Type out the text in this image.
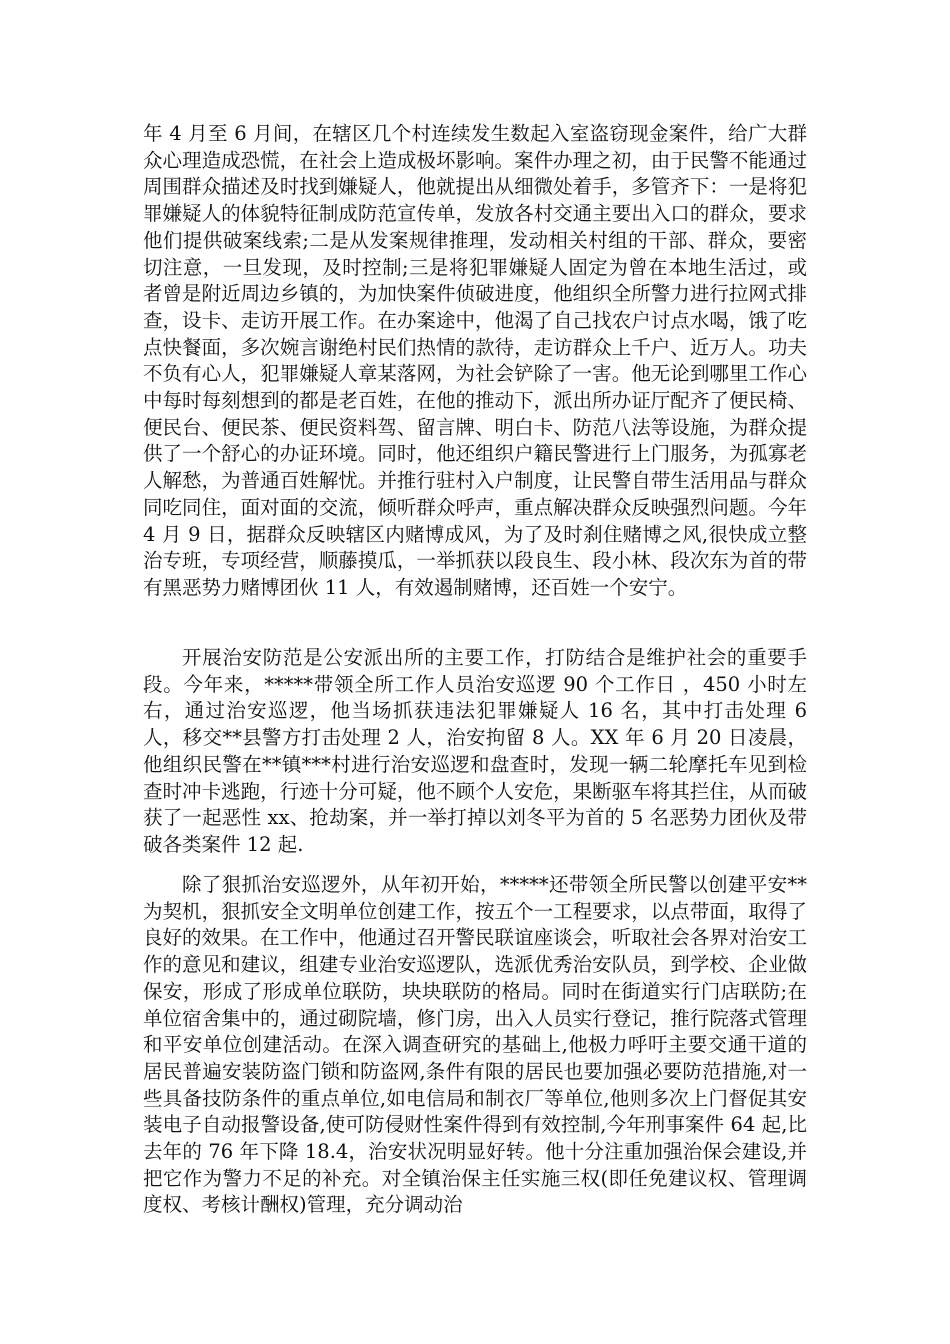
年 4 月至 6 月间，在辖区几个村连续发生数起入室盗窃现金案件，给广大群众心理造成恐慌，在社会上造成极坏影响。案件办理之初，由于民警不能通过周围群众描述及时找到嫌疑人，他就提出从细微处着手，多管齐下：一是将犯罪嫌疑人的体貌特征制成防范宣传单，发放各村交通主要出入口的群众，要求他们提供破案线索;二是从发案规律推理，发动相关村组的干部、群众，要密切注意，一旦发现，及时控制;三是将犯罪嫌疑人固定为曾在本地生活过，或者曾是附近周边乡镇的，为加快案件侦破进度，他组织全所警力进行拉网式排查，设卡、走访开展工作。在办案途中，他渴了自己找农户讨点水喝，饿了吃点快餐面，多次婉言谢绝村民们热情的款待，走访群众上千户、近万人。功夫不负有心人，犯罪嫌疑人章某落网，为社会铲除了一害。他无论到哪里工作心中每时每刻想到的都是老百姓，在他的推动下，派出所办证厅配齐了便民椅、便民台、便民茶、便民资料驾、留言牌、明白卡、防范八法等设施，为群众提供了一个舒心的办证环境。同时，他还组织户籍民警进行上门服务，为孤寡老人解愁，为普通百姓解忧。并推行驻村入户制度，让民警自带生活用品与群众同吃同住，面对面的交流，倾听群众呼声，重点解决群众反映强烈问题。今年 4 月 9 日，据群众反映辖区内赌博成风，为了及时刹住赌博之风,很快成立整治专班，专项经营，顺藤摸瓜，一举抓获以段良生、段小林、段次东为首的带有黑恶势力赌博团伙 11 人，有效遏制赌博，还百姓一个安宁。

开展治安防范是公安派出所的主要工作，打防结合是维护社会的重要手段。今年来，*****带领全所工作人员治安巡逻 90 个工作日 ，450 小时左右，通过治安巡逻，他当场抓获违法犯罪嫌疑人 16 名，其中打击处理 6 人，移交**县警方打击处理 2 人，治安拘留 8 人。XX 年 6 月 20 日凌晨，他组织民警在**镇***村进行治安巡逻和盘查时，发现一辆二轮摩托车见到检查时冲卡逃跑，行迹十分可疑，他不顾个人安危，果断驱车将其拦住，从而破 获了一起恶性 xx、抢劫案，并一举打掉以刘冬平为首的 5 名恶势力团伙及带破各类案件 12 起.

除了狠抓治安巡逻外，从年初开始，*****还带领全所民警以创建平安**为契机，狠抓安全文明单位创建工作，按五个一工程要求，以点带面，取得了良好的效果。在工作中，他通过召开警民联谊座谈会，听取社会各界对治安工作的意见和建议，组建专业治安巡逻队，选派优秀治安队员，到学校、企业做保安，形成了形成单位联防，块块联防的格局。同时在街道实行门店联防;在单位宿舍集中的，通过砌院墙，修门房，出入人员实行登记，推行院落式管理和平安单位创建活动。在深入调查研究的基础上,他极力呼吁主要交通干道的居民普遍安装防盗门锁和防盗网,条件有限的居民也要加强必要防范措施,对一些具备技防条件的重点单位,如电信局和制衣厂等单位,他则多次上门督促其安装电子自动报警设备,使可防侵财性案件得到有效控制,今年刑事案件 64 起,比去年的 76 年下降 18.4，治安状况明显好转。他十分注重加强治保会建设,并把它作为警力不足的补充。对全镇治保主任实施三权(即任免建议权、管理调度权、考核计酬权)管理，充分调动治
